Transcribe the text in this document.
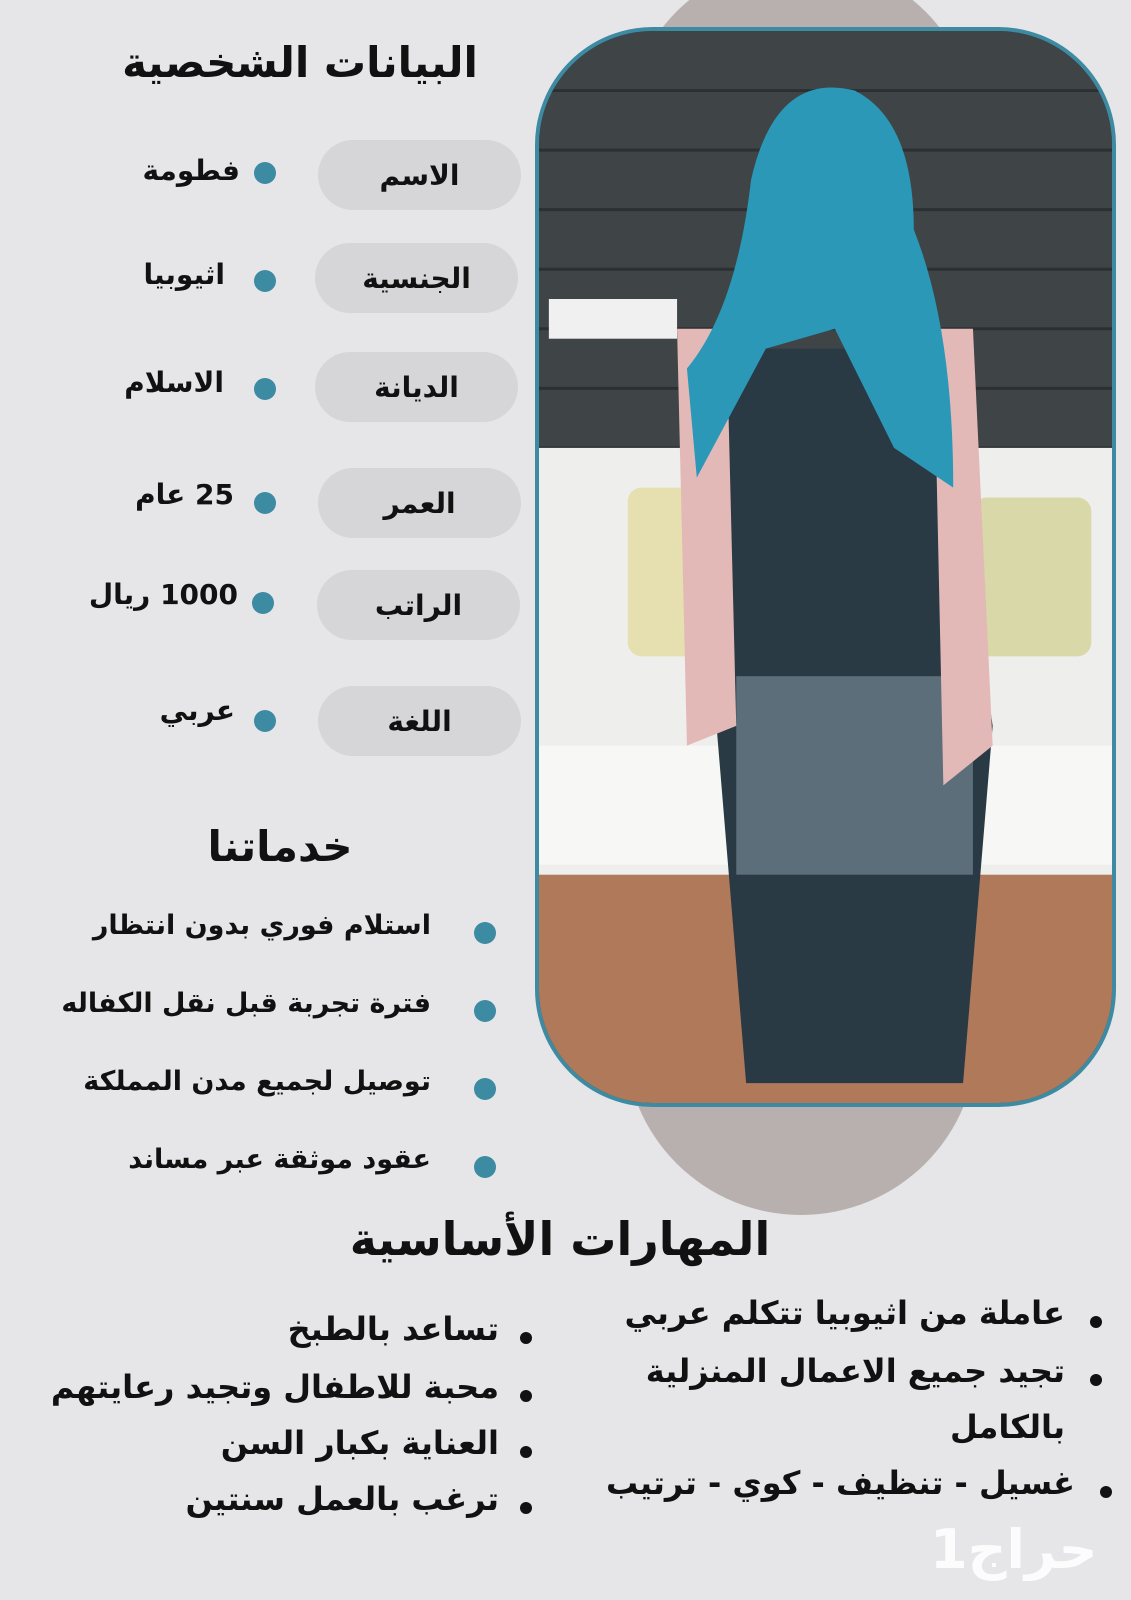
البيانات الشخصية
خدماتنا
المهارات الأساسية
الاسم
فطومة
الجنسية
اثيوبيا
الديانة
الاسلام
العمر
25 عام
الراتب
1000 ريال
اللغة
عربي
استلام فوري بدون انتظار
فترة تجربة قبل نقل الكفاله
توصيل لجميع مدن المملكة
عقود موثقة عبر مساند
عاملة من اثيوبيا تتكلم عربي
تجيد جميع الاعمال المنزلية
بالكامل
غسيل - تنظيف - كوي - ترتيب
تساعد بالطبخ
محبة للاطفال وتجيد رعايتهم
العناية بكبار السن
ترغب بالعمل سنتين
حراج1
